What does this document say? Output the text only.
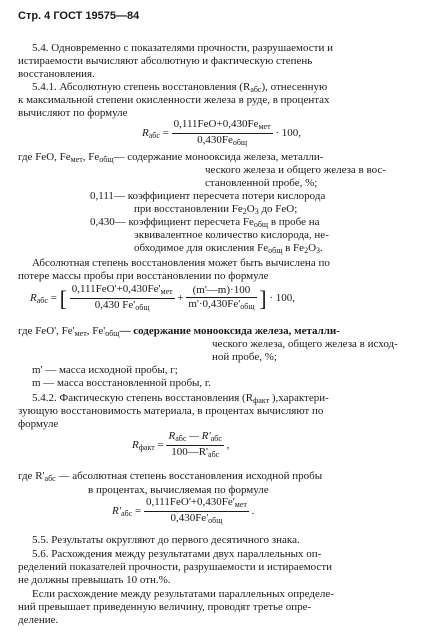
Стр. 4 ГОСТ 19575—84
5.4. Одновременно с показателями прочности, разрушаемости и
истираемости вычисляют абсолютную и фактическую степень
восстановления.
5.4.1. Абсолютную степень восстановления $(R_{абс})$, отнесенную
к максимальной степени окисленности железа в руде, в процентах
вычисляют по формуле
$R_{абс} = \frac{0,111FeO+0,430Fe_{мет}}{0,430Fe_{общ}} \cdot 100$,
где FeO, $Fe_{мет}$, $Fe_{общ}—$ содержание монооксида железа, металли-
ческого железа и общего железа в вос-
становленной пробе, %;
0,111— коэффициент пересчета потери кислорода
при восстановлении $Fe_2O_3$ до FeO;
0,430— коэффициент пересчета $Fe_{общ}$ в пробе на
эквивалентное количество кислорода, не-
обходимое для окисления $Fe_{общ}$ в $Fe_2O_3$.
Абсолютная степень восстановления может быть вычислена по
потере массы пробы при восстановлении по формуле
$R_{абс}$ = [ $\frac{0,111FeO'+0,430Fe'_{мет}}{0,430 Fe'_{общ}} + \frac{(m'—m)\cdot 100}{m'\cdot 0,430Fe'_{общ}}$ ] · 100,
где FeO', $Fe'_{мет}$, $Fe'_{общ}—$ содержание монооксида железа, металли-
ческого железа, общего железа в исход-
ной пробе, %;
m' — масса исходной пробы, г;
m — масса восстановленной пробы, г.
5.4.2. Фактическую степень восстановления ($R_{факт}$ ),характери-
зующую восстановимость материала, в процентах вычисляют по
формуле
$R_{факт} = \frac{R_{абс} — R'_{абс}}{100—R'_{абс}}$ ,
где $R'_{абс}$ — абсолютная степень восстановления исходной пробы
в процентах, вычисляемая по формуле
$R'_{абс} = \frac{0,111FeO'+0,430Fe'_{мет}}{0,430Fe'_{общ}}$ .
5.5. Результаты округляют до первого десятичного знака.
5.6. Расхождения между результатами двух параллельных оп-
ределений показателей прочности, разрушаемости и истираемости
не должны превышать 10 отн.%.
Если расхождение между результатами параллельных определе-
ний превышает приведенную величину, проводят третье опре-
деление.
